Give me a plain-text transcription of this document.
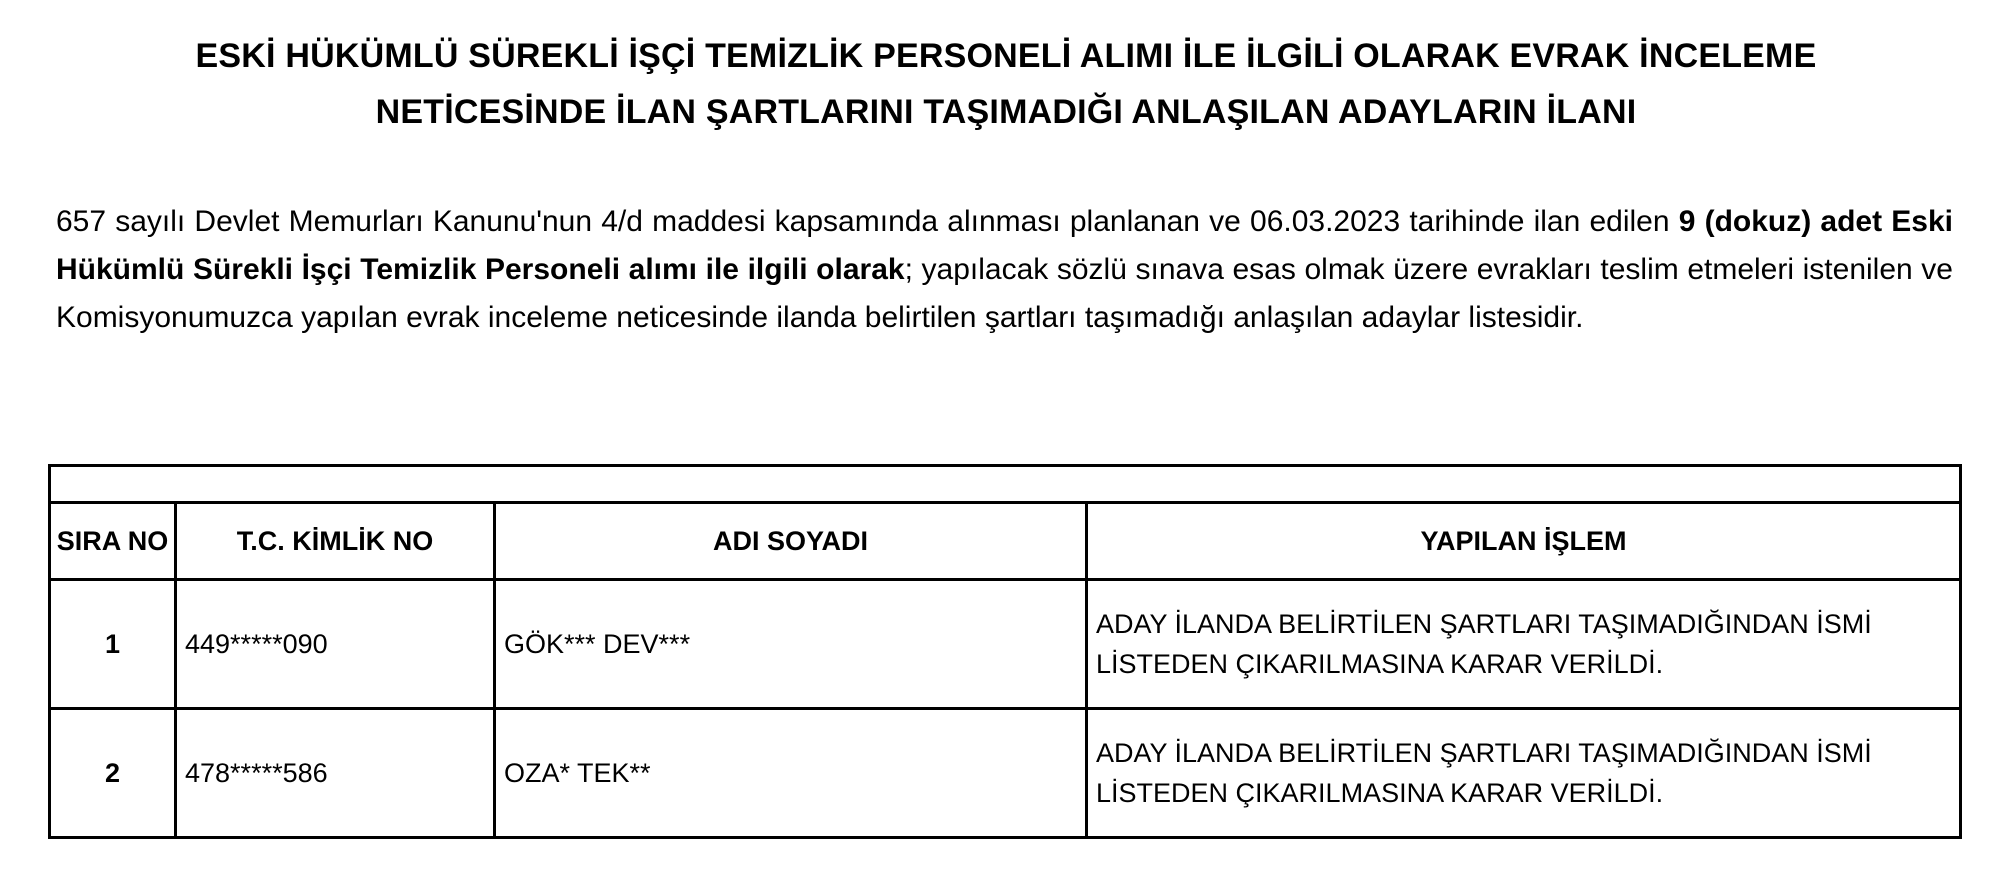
ESKİ HÜKÜMLÜ SÜREKLİ İŞÇİ TEMİZLİK PERSONELİ ALIMI İLE İLGİLİ OLARAK EVRAK İNCELEME
NETİCESİNDE İLAN ŞARTLARINI TAŞIMADIĞI ANLAŞILAN ADAYLARIN İLANI

657 sayılı Devlet Memurları Kanunu'nun 4/d maddesi kapsamında alınması planlanan ve 06.03.2023 tarihinde ilan edilen 9 (dokuz) adet Eski Hükümlü Sürekli İşçi Temizlik Personeli alımı ile ilgili olarak; yapılacak sözlü sınava esas olmak üzere evrakları teslim etmeleri istenilen ve Komisyonumuzca yapılan evrak inceleme neticesinde ilanda belirtilen şartları taşımadığı anlaşılan adaylar listesidir.

SIRA NO	T.C. KİMLİK NO	ADI SOYADI	YAPILAN İŞLEM
1	449*****090	GÖK*** DEV***	ADAY İLANDA BELİRTİLEN ŞARTLARI TAŞIMADIĞINDAN İSMİ
LİSTEDEN ÇIKARILMASINA KARAR VERİLDİ.

2	478*****586	OZA* TEK**	ADAY İLANDA BELİRTİLEN ŞARTLARI TAŞIMADIĞINDAN İSMİ
LİSTEDEN ÇIKARILMASINA KARAR VERİLDİ.
